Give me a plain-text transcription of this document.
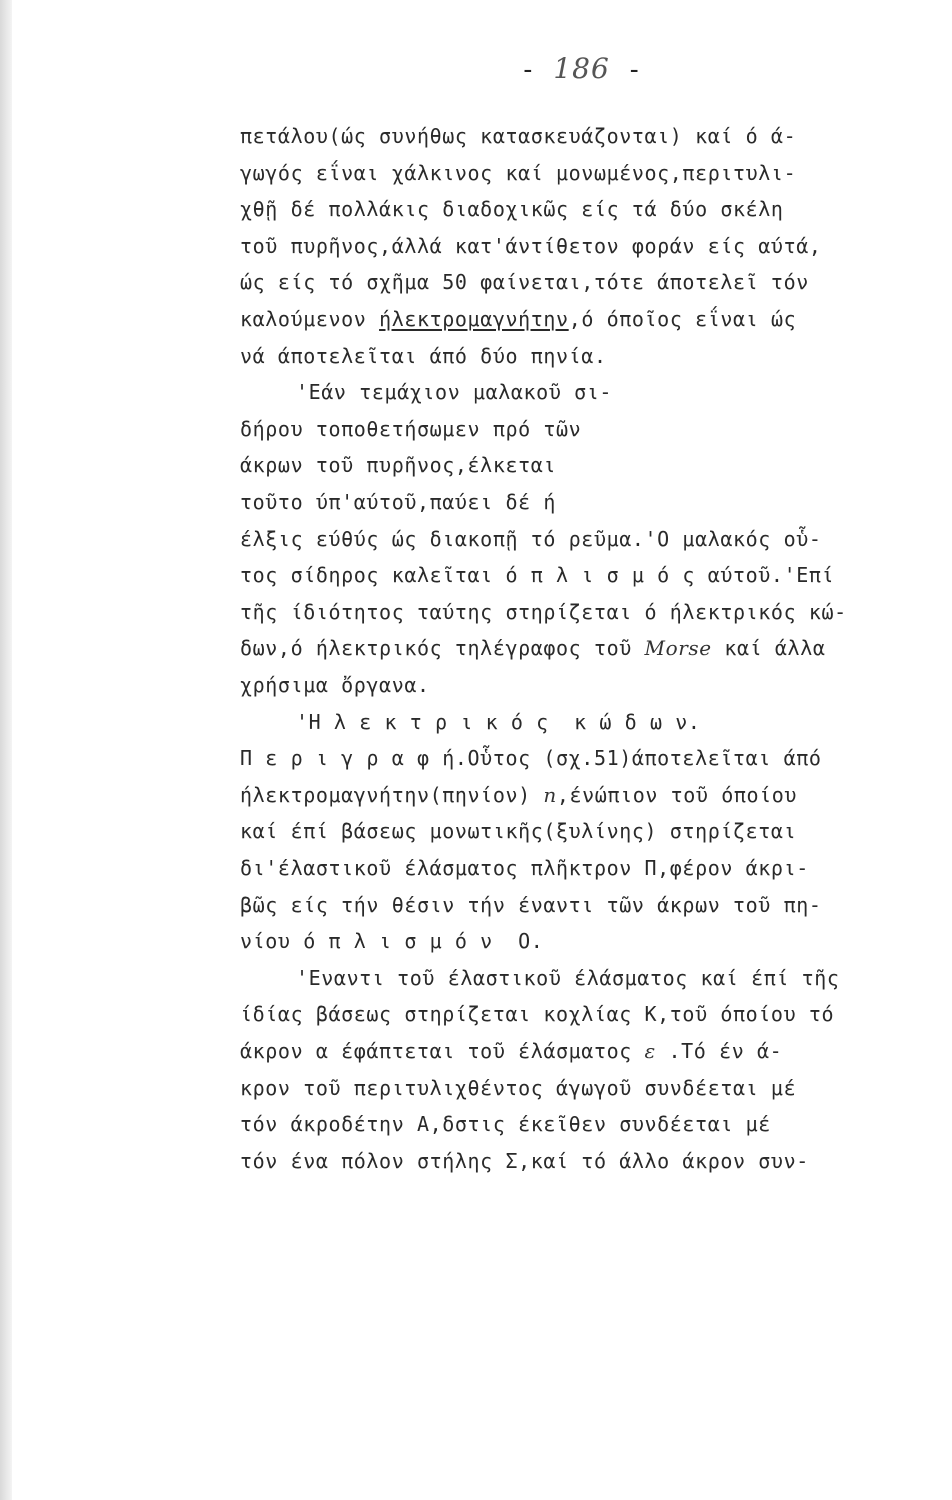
- 186 -
πετάλου(ώς συνήθως κατασκευάζονται) καί ό ά-
γωγός εΐναι χάλκινος καί μονωμένος,περιτυλι-
χθῇ δέ πολλάκις διαδοχικῶς είς τά δύο σκέλη
τοῦ πυρῆνος,άλλά κατ'άντίθετον φοράν είς αύτά,
ώς είς τό σχῆμα 50 φαίνεται,τότε άποτελεῖ τόν
καλούμενον ήλεκτρομαγνήτην,ό όποῖος εΐναι ώς
νά άποτελεῖται άπό δύο πηνία.
'Εάν τεμάχιον μαλακοῦ σι-
δήρου τοποθετήσωμεν πρό τῶν
άκρων τοῦ πυρῆνος,έλκεται
τοῦτο ύπ'αύτοῦ,παύει δέ ή
έλξις εύθύς ώς διακοπῇ τό ρεῦμα.'Ο μαλακός οὗ-
τος σίδηρος καλεῖται ό π λ ι σ μ ό ς αύτοῦ.'Επί
τῆς ίδιότητος ταύτης στηρίζεται ό ήλεκτρικός κώ-
δων,ό ήλεκτρικός τηλέγραφος τοῦ Morse καί άλλα
χρήσιμα ὄργανα.
'Η λ ε κ τ ρ ι κ ό ς  κ ώ δ ω ν.
Π ε ρ ι γ ρ α φ ή.Οὗτος (σχ.51)άποτελεῖται άπό
ήλεκτρομαγνήτην(πηνίον) n,ένώπιον τοῦ όποίου
καί έπί βάσεως μονωτικῆς(ξυλίνης) στηρίζεται
δι'έλαστικοῦ έλάσματος πλῆκτρον Π,φέρον άκρι-
βῶς είς τήν θέσιν τήν έναντι τῶν άκρων τοῦ πη-
νίου ό π λ ι σ μ ό ν  Ο.
'Εναντι τοῦ έλαστικοῦ έλάσματος καί έπί τῆς
ίδίας βάσεως στηρίζεται κοχλίας Κ,τοῦ όποίου τό
άκρον α έφάπτεται τοῦ έλάσματος ε .Τό έν ά-
κρον τοῦ περιτυλιχθέντος άγωγοῦ συνδέεται μέ
τόν άκροδέτην Α,δστις έκεῖθεν συνδέεται μέ
τόν ένα πόλον στήλης Σ,καί τό άλλο άκρον συν-
